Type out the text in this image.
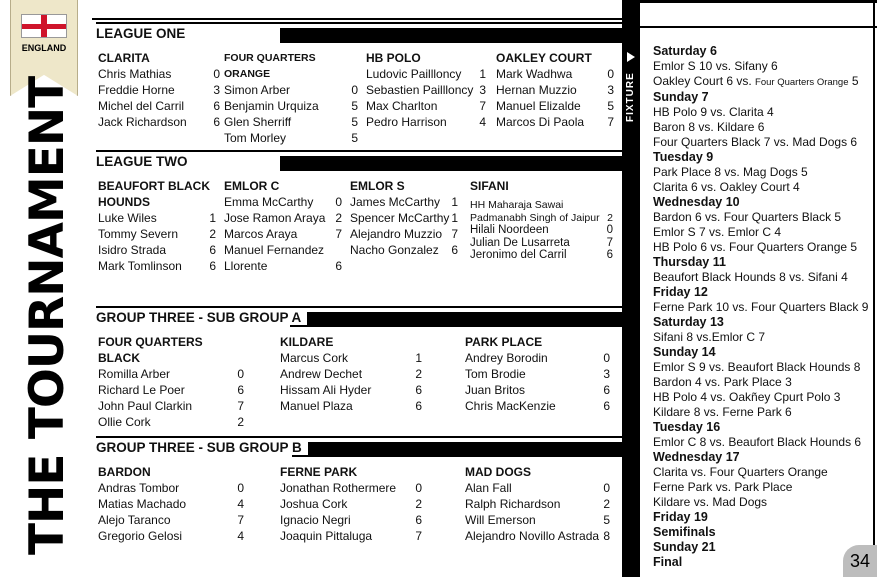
ENGLAND
THE TOURNAMENT
LEAGUE ONE
CLARITA
Chris Mathias	0
Freddie Horne	3
Michel del Carril 6
Jack Richardson 6
FOUR QUARTERS ORANGE
Simon Arber	0
Benjamin Urquiza	5
Glen Sherriff	5
Tom Morley	5
HB POLO
Ludovic Paillloncy 1
Sebastien Paillloncy 3
Max Charlton	7
Pedro Harrison	4
OAKLEY COURT
Mark Wadhwa	0
Hernan Muzzio	3
Manuel Elizalde 5
Marcos Di Paola 7
LEAGUE TWO
BEAUFORT BLACK HOUNDS
Luke Wiles	1
Tommy Severn	2
Isidro Strada	6
Mark Tomlinson 6
EMLOR C
Emma McCarthy 0
Jose Ramon Araya 2
Marcos Araya	7
Manuel Fernandez
Llorente	6
EMLOR S
James McCarthy 1
Spencer McCarthy 1
Alejandro Muzzio 7
Nacho Gonzalez 6
SIFANI
HH Maharaja Sawai
Padmanabh Singh of Jaipur 2
Hilali Noordeen	0
Julian De Lusarreta	7
Jeronimo del Carril	6
GROUP THREE - SUB GROUP A
FOUR QUARTERS BLACK
Romilla Arber	0
Richard Le Poer	6
John Paul Clarkin	7
Ollie Cork	2
KILDARE
Marcus Cork	1
Andrew Dechet	2
Hissam Ali Hyder	6
Manuel Plaza	6
PARK PLACE
Andrey Borodin	0
Tom Brodie	3
Juan Britos	6
Chris MacKenzie	6
GROUP THREE - SUB GROUP B
BARDON
Andras Tombor	0
Matias Machado	4
Alejo Taranco	7
Gregorio Gelosi	4
FERNE PARK
Jonathan Rothermere 0
Joshua Cork	2
Ignacio Negri	6
Joaquin Pittaluga	7
MAD DOGS
Alan Fall	0
Ralph Richardson	2
Will Emerson	5
Alejandro Novillo Astrada 8
FIXTURE
Saturday 6
Emlor S 10 vs. Sifany 6
Oakley Court 6 vs. Four Quarters Orange 5
Sunday 7
HB Polo 9 vs. Clarita 4
Baron 8 vs. Kildare 6
Four Quarters Black 7 vs. Mad Dogs 6
Tuesday 9
Park Place 8 vs. Mag Dogs 5
Clarita 6 vs. Oakley Court 4
Wednesday 10
Bardon 6 vs. Four Quarters Black 5
Emlor S 7 vs. Emlor C 4
HB Polo 6 vs. Four Quarters Orange 5
Thursday 11
Beaufort Black Hounds 8 vs. Sifani 4
Friday 12
Ferne Park 10 vs. Four Quarters Black 9
Saturday 13
Sifani 8 vs.Emlor C 7
Sunday 14
Emlor S 9 vs. Beaufort Black Hounds 8
Bardon 4 vs. Park Place 3
HB Polo 4 vs. Oakñey Cpurt Polo 3
Kildare 8 vs. Ferne Park 6
Tuesday 16
Emlor C 8 vs. Beaufort Black Hounds 6
Wednesday 17
Clarita vs. Four Quarters Orange
Ferne Park vs. Park Place
Kildare vs. Mad Dogs
Friday 19
Semifinals
Sunday 21
Final	34
